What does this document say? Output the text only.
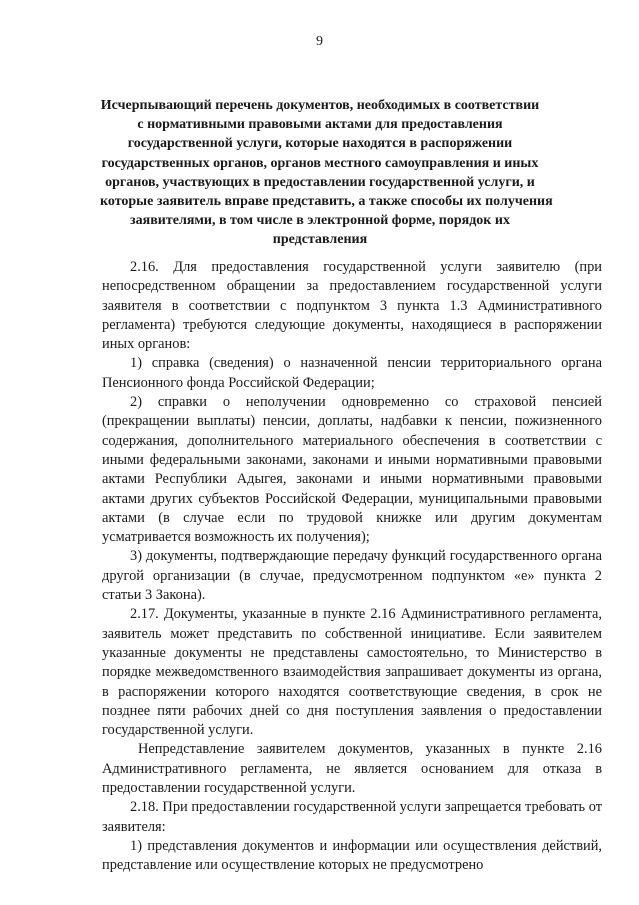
9
Исчерпывающий перечень документов, необходимых в соответствии
с нормативными правовыми актами для предоставления
государственной услуги, которые находятся в распоряжении
государственных органов, органов местного самоуправления и иных
органов, участвующих в предоставлении государственной услуги, и
которые заявитель вправе представить, а также способы их получения
заявителями, в том числе в электронной форме, порядок их
представления

2.16. Для предоставления государственной услуги заявителю (при непосредственном обращении за предоставлением государственной услуги заявителя в соответствии с подпунктом 3 пункта 1.3 Административного регламента) требуются следующие документы, находящиеся в распоряжении иных органов:

1) справка (сведения) о назначенной пенсии территориального органа Пенсионного фонда Российской Федерации;

2) справки о неполучении одновременно со страховой пенсией (прекращении выплаты) пенсии, доплаты, надбавки к пенсии, пожизненного содержания, дополнительного материального обеспечения в соответствии с иными федеральными законами, законами и иными нормативными правовыми актами Республики Адыгея, законами и иными нормативными правовыми актами других субъектов Российской Федерации, муниципальными правовыми актами (в случае если по трудовой книжке или другим документам усматривается возможность их получения);

3) документы, подтверждающие передачу функций государственного органа другой организации (в случае, предусмотренном подпунктом «е» пункта 2 статьи 3 Закона).

2.17. Документы, указанные в пункте 2.16 Административного регламента, заявитель может представить по собственной инициативе. Если заявителем указанные документы не представлены самостоятельно, то Министерство в порядке межведомственного взаимодействия запрашивает документы из органа, в распоряжении которого находятся соответствующие сведения, в срок не позднее пяти рабочих дней со дня поступления заявления о предоставлении государственной услуги.

Непредставление заявителем документов, указанных в пункте 2.16 Административного регламента, не является основанием для отказа в предоставлении государственной услуги.

2.18. При предоставлении государственной услуги запрещается требовать от заявителя:

1) представления документов и информации или осуществления действий, представление или осуществление которых не предусмотрено
